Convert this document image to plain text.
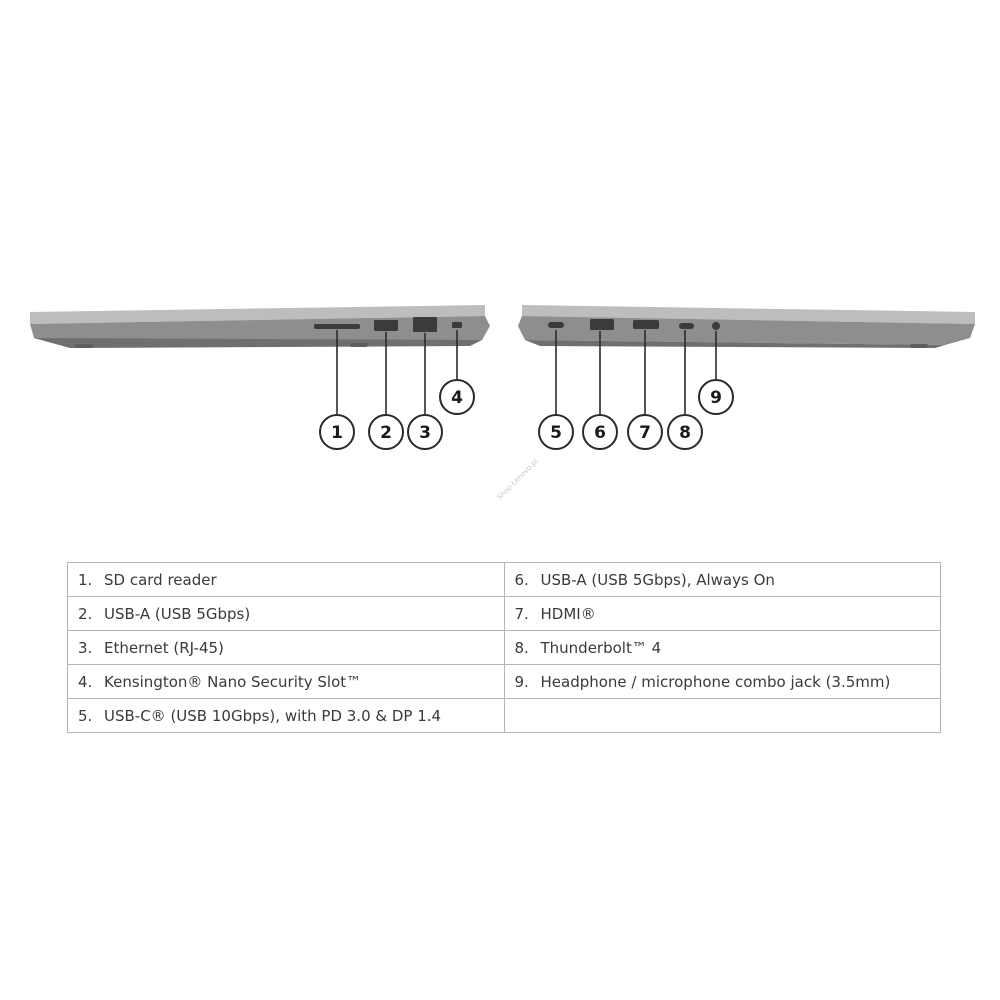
1 2 3
4
5 6 7 8
9
Shop-Lenovo.pl
1. SD card reader	6. USB-A (USB 5Gbps), Always On
2. USB-A (USB 5Gbps)	7. HDMI®
3. Ethernet (RJ-45)	8. Thunderbolt™ 4
4. Kensington® Nano Security Slot™	9. Headphone / microphone combo jack (3.5mm)
5. USB-C® (USB 10Gbps), with PD 3.0 & DP 1.4	
